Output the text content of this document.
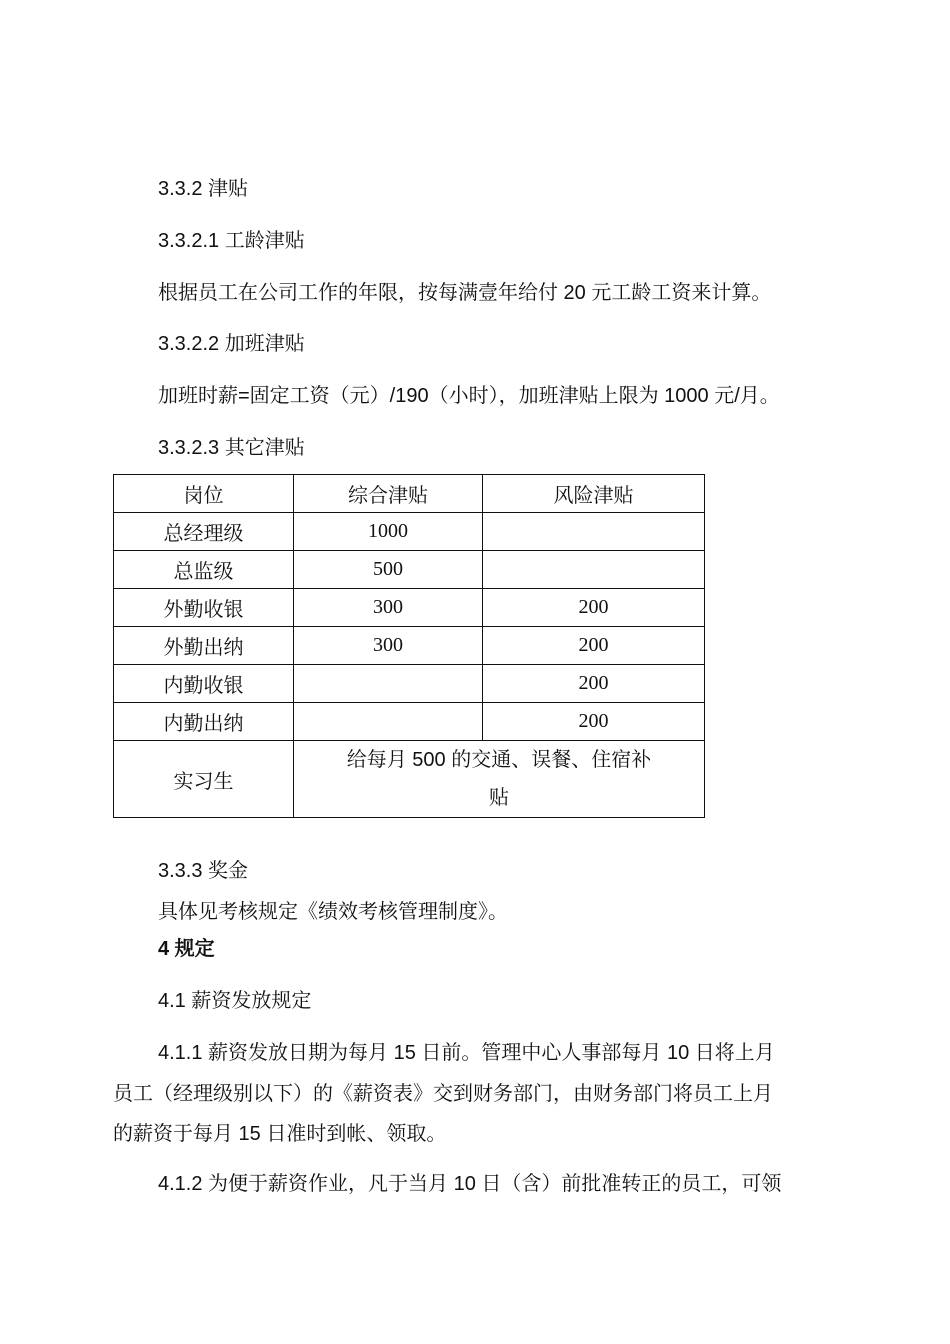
3.3.2 津贴
3.3.2.1 工龄津贴
根据员工在公司工作的年限，按每满壹年给付 20 元工龄工资来计算。
3.3.2.2 加班津贴
加班时薪=固定工资（元）/190（小时），加班津贴上限为 1000 元/月。
3.3.2.3 其它津贴
岗位	综合津贴	风险津贴
总经理级	1000	
总监级	500	
外勤收银	300	200
外勤出纳	300	200
内勤收银		200
内勤出纳		200
实习生	给每月 500 的交通、误餐、住宿补
贴	
3.3.3 奖金
具体见考核规定《绩效考核管理制度》。
4 规定
4.1 薪资发放规定
4.1.1 薪资发放日期为每月 15 日前。管理中心人事部每月 10 日将上月
员工（经理级别以下）的《薪资表》交到财务部门，由财务部门将员工上月
的薪资于每月 15 日准时到帐、领取。
4.1.2 为便于薪资作业，凡于当月 10 日（含）前批准转正的员工，可领
